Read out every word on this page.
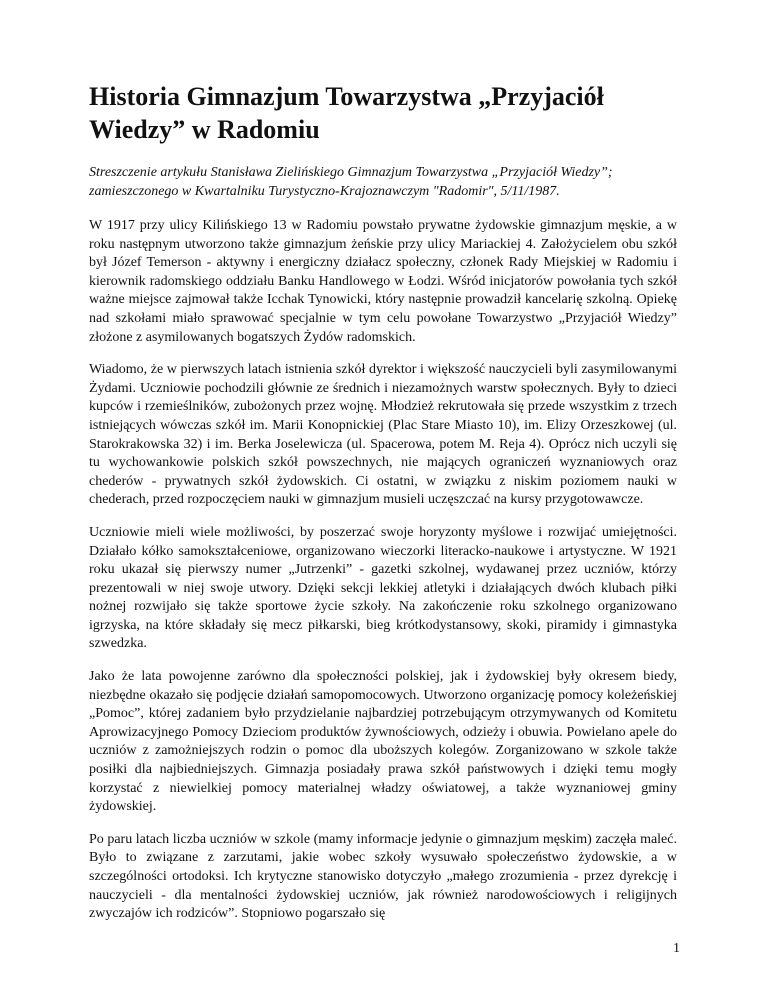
Historia Gimnazjum Towarzystwa „Przyjaciół Wiedzy” w Radomiu

Streszczenie artykułu Stanisława Zielińskiego Gimnazjum Towarzystwa „Przyjaciół Wiedzy”; zamieszczonego w Kwartalniku Turystyczno-Krajoznawczym "Radomir", 5/11/1987.

W 1917 przy ulicy Kilińskiego 13 w Radomiu powstało prywatne żydowskie gimnazjum męskie, a w roku następnym utworzono także gimnazjum żeńskie przy ulicy Mariackiej 4. Założycielem obu szkół był Józef Temerson - aktywny i energiczny działacz społeczny, członek Rady Miejskiej w Radomiu i kierownik radomskiego oddziału Banku Handlowego w Łodzi. Wśród inicjatorów powołania tych szkół ważne miejsce zajmował także Icchak Tynowicki, który następnie prowadził kancelarię szkolną. Opiekę nad szkołami miało sprawować specjalnie w tym celu powołane Towarzystwo „Przyjaciół Wiedzy” złożone z asymilowanych bogatszych Żydów radomskich.

Wiadomo, że w pierwszych latach istnienia szkół dyrektor i większość nauczycieli byli zasymilowanymi Żydami. Uczniowie pochodzili głównie ze średnich i niezamożnych warstw społecznych. Były to dzieci kupców i rzemieślników, zubożonych przez wojnę. Młodzież rekrutowała się przede wszystkim z trzech istniejących wówczas szkół im. Marii Konopnickiej (Plac Stare Miasto 10), im. Elizy Orzeszkowej (ul. Starokrakowska 32) i im. Berka Joselewicza (ul. Spacerowa, potem M. Reja 4). Oprócz nich uczyli się tu wychowankowie polskich szkół powszechnych, nie mających ograniczeń wyznaniowych oraz chederów - prywatnych szkół żydowskich. Ci ostatni, w związku z niskim poziomem nauki w chederach, przed rozpoczęciem nauki w gimnazjum musieli uczęszczać na kursy przygotowawcze.

Uczniowie mieli wiele możliwości, by poszerzać swoje horyzonty myślowe i rozwijać umiejętności. Działało kółko samokształceniowe, organizowano wieczorki literacko-naukowe i artystyczne. W 1921 roku ukazał się pierwszy numer „Jutrzenki” - gazetki szkolnej, wydawanej przez uczniów, którzy prezentowali w niej swoje utwory. Dzięki sekcji lekkiej atletyki i działających dwóch klubach piłki nożnej rozwijało się także sportowe życie szkoły. Na zakończenie roku szkolnego organizowano igrzyska, na które składały się mecz piłkarski, bieg krótkodystansowy, skoki, piramidy i gimnastyka szwedzka.

Jako że lata powojenne zarówno dla społeczności polskiej, jak i żydowskiej były okresem biedy, niezbędne okazało się podjęcie działań samopomocowych. Utworzono organizację pomocy koleżeńskiej „Pomoc”, której zadaniem było przydzielanie najbardziej potrzebującym otrzymywanych od Komitetu Aprowizacyjnego Pomocy Dzieciom produktów żywnościowych, odzieży i obuwia. Powielano apele do uczniów z zamożniejszych rodzin o pomoc dla uboższych kolegów. Zorganizowano w szkole także posiłki dla najbiedniejszych. Gimnazja posiadały prawa szkół państwowych i dzięki temu mogły korzystać z niewielkiej pomocy materialnej władzy oświatowej, a także wyznaniowej gminy żydowskiej.

Po paru latach liczba uczniów w szkole (mamy informacje jedynie o gimnazjum męskim) zaczęła maleć. Było to związane z zarzutami, jakie wobec szkoły wysuwało społeczeństwo żydowskie, a w szczególności ortodoksi. Ich krytyczne stanowisko dotyczyło „małego zrozumienia - przez dyrekcję i nauczycieli - dla mentalności żydowskiej uczniów, jak również narodowościowych i religijnych zwyczajów ich rodziców”. Stopniowo pogarszało się

1
